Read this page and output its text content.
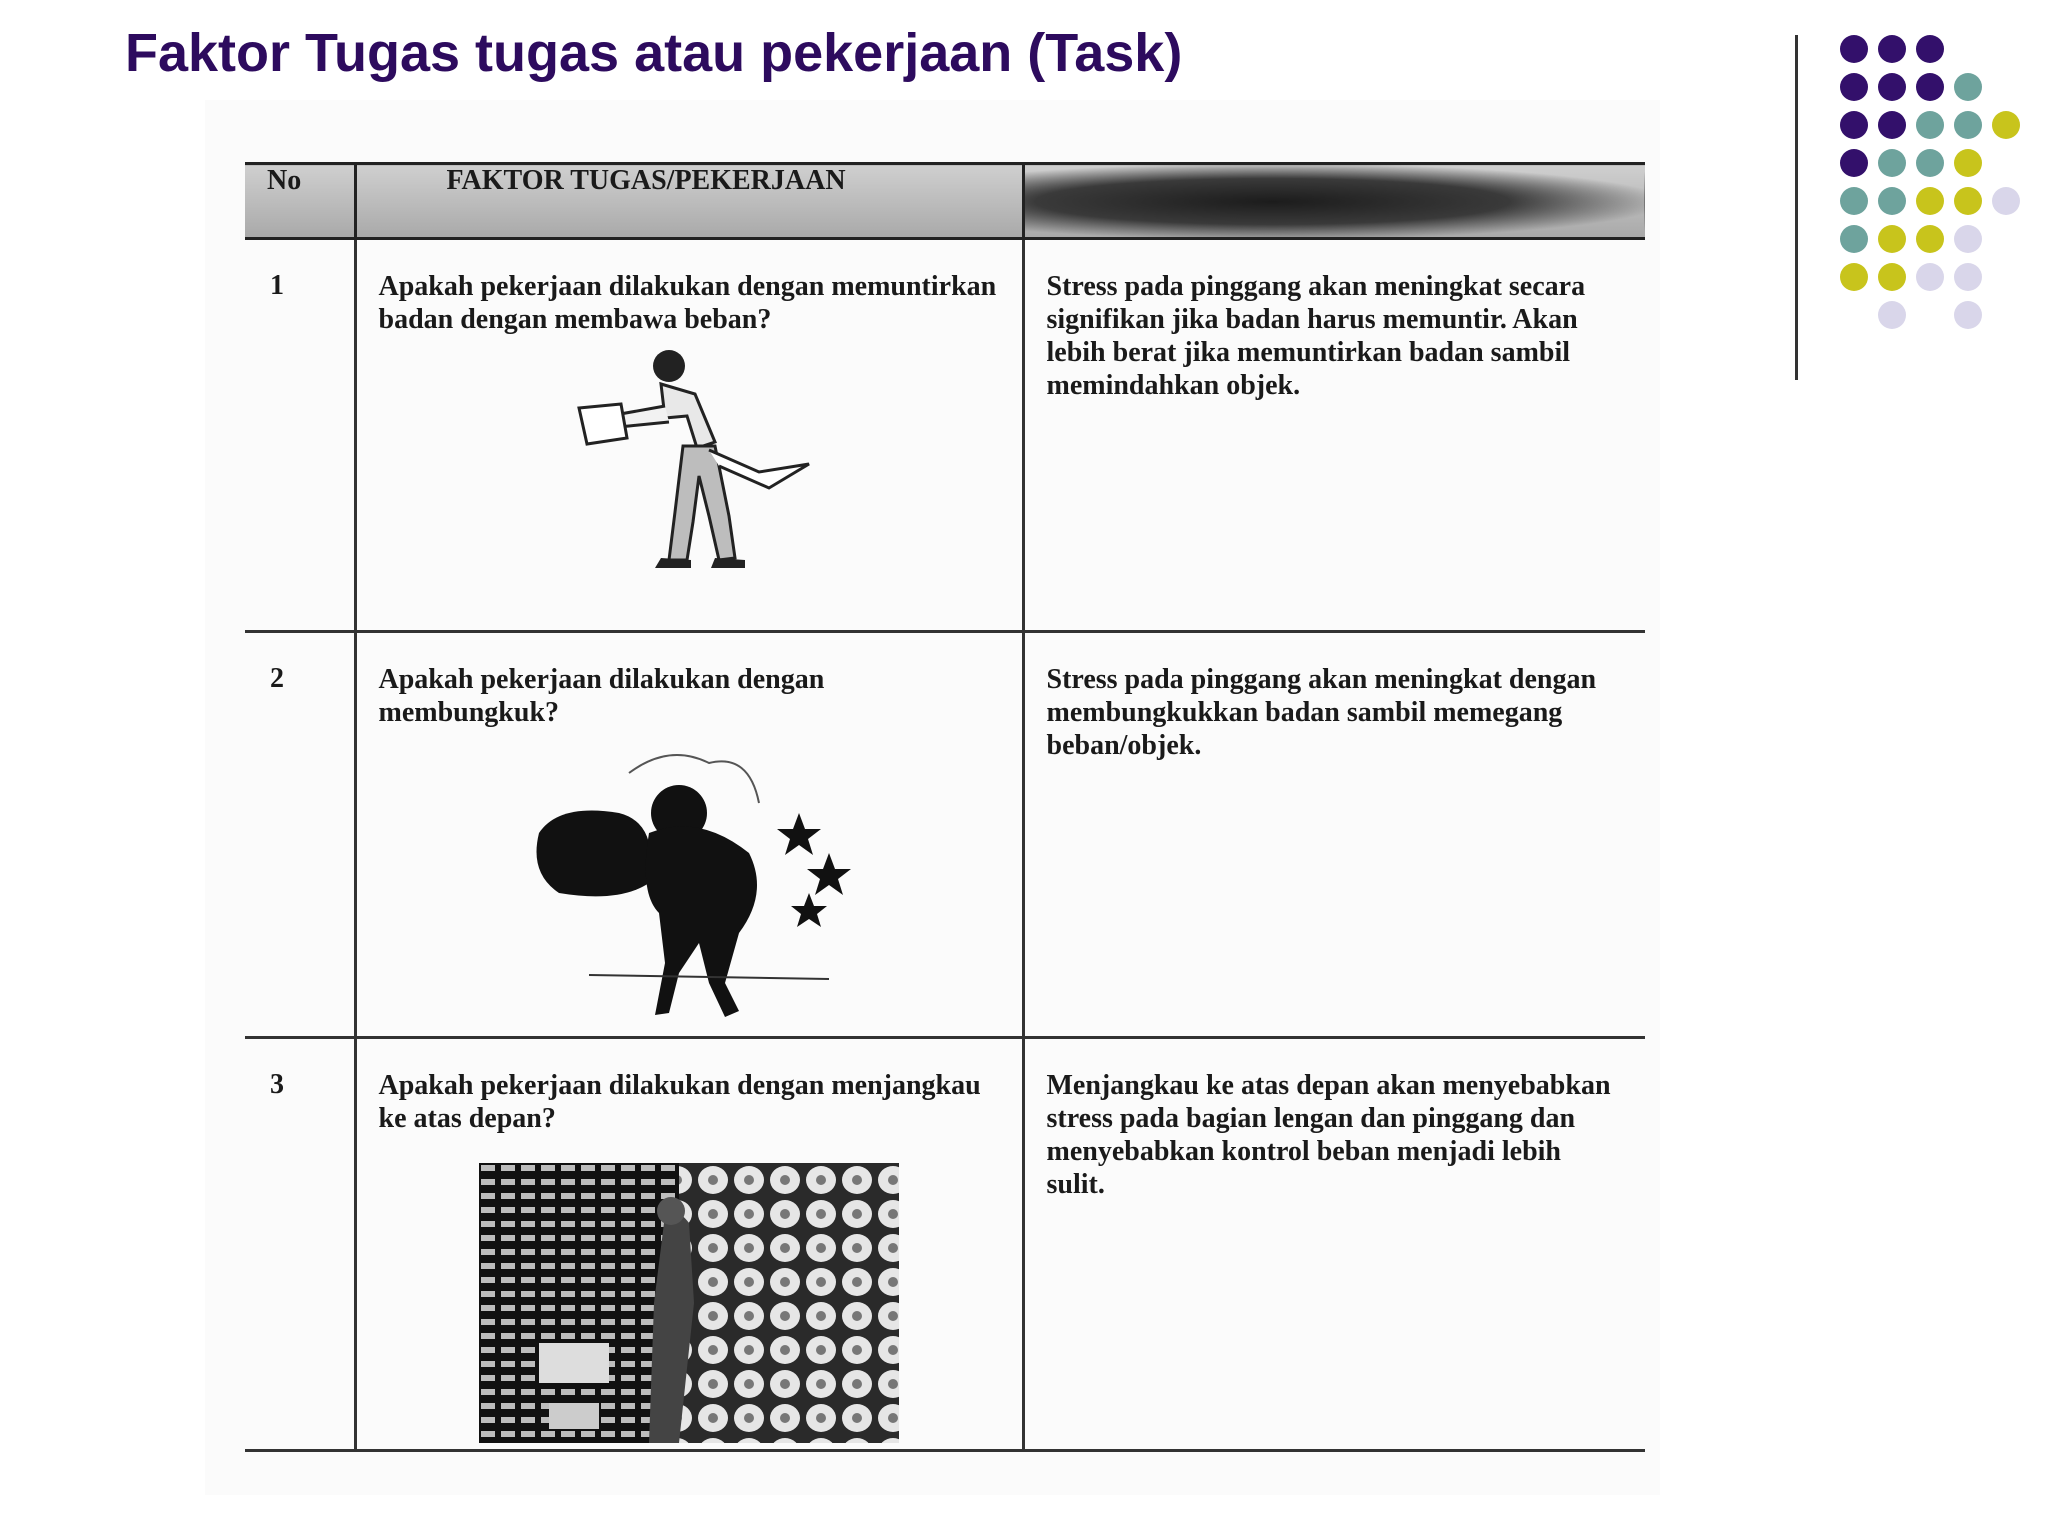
Faktor Tugas tugas atau pekerjaan (Task)
No	FAKTOR TUGAS/PEKERJAAN	
1	Apakah pekerjaan dilakukan dengan memuntirkan badan dengan membawa beban?	Stress pada pinggang akan meningkat secara signifikan jika badan harus memuntir. Akan lebih berat jika memuntirkan badan sambil memindahkan objek.
2	Apakah pekerjaan dilakukan dengan membungkuk?	Stress pada pinggang akan meningkat dengan membungkukkan badan sambil memegang beban/objek.
3	Apakah pekerjaan dilakukan dengan menjangkau ke atas depan?	Menjangkau ke atas depan akan menyebabkan stress pada bagian lengan dan pinggang dan menyebabkan kontrol beban menjadi lebih sulit.
